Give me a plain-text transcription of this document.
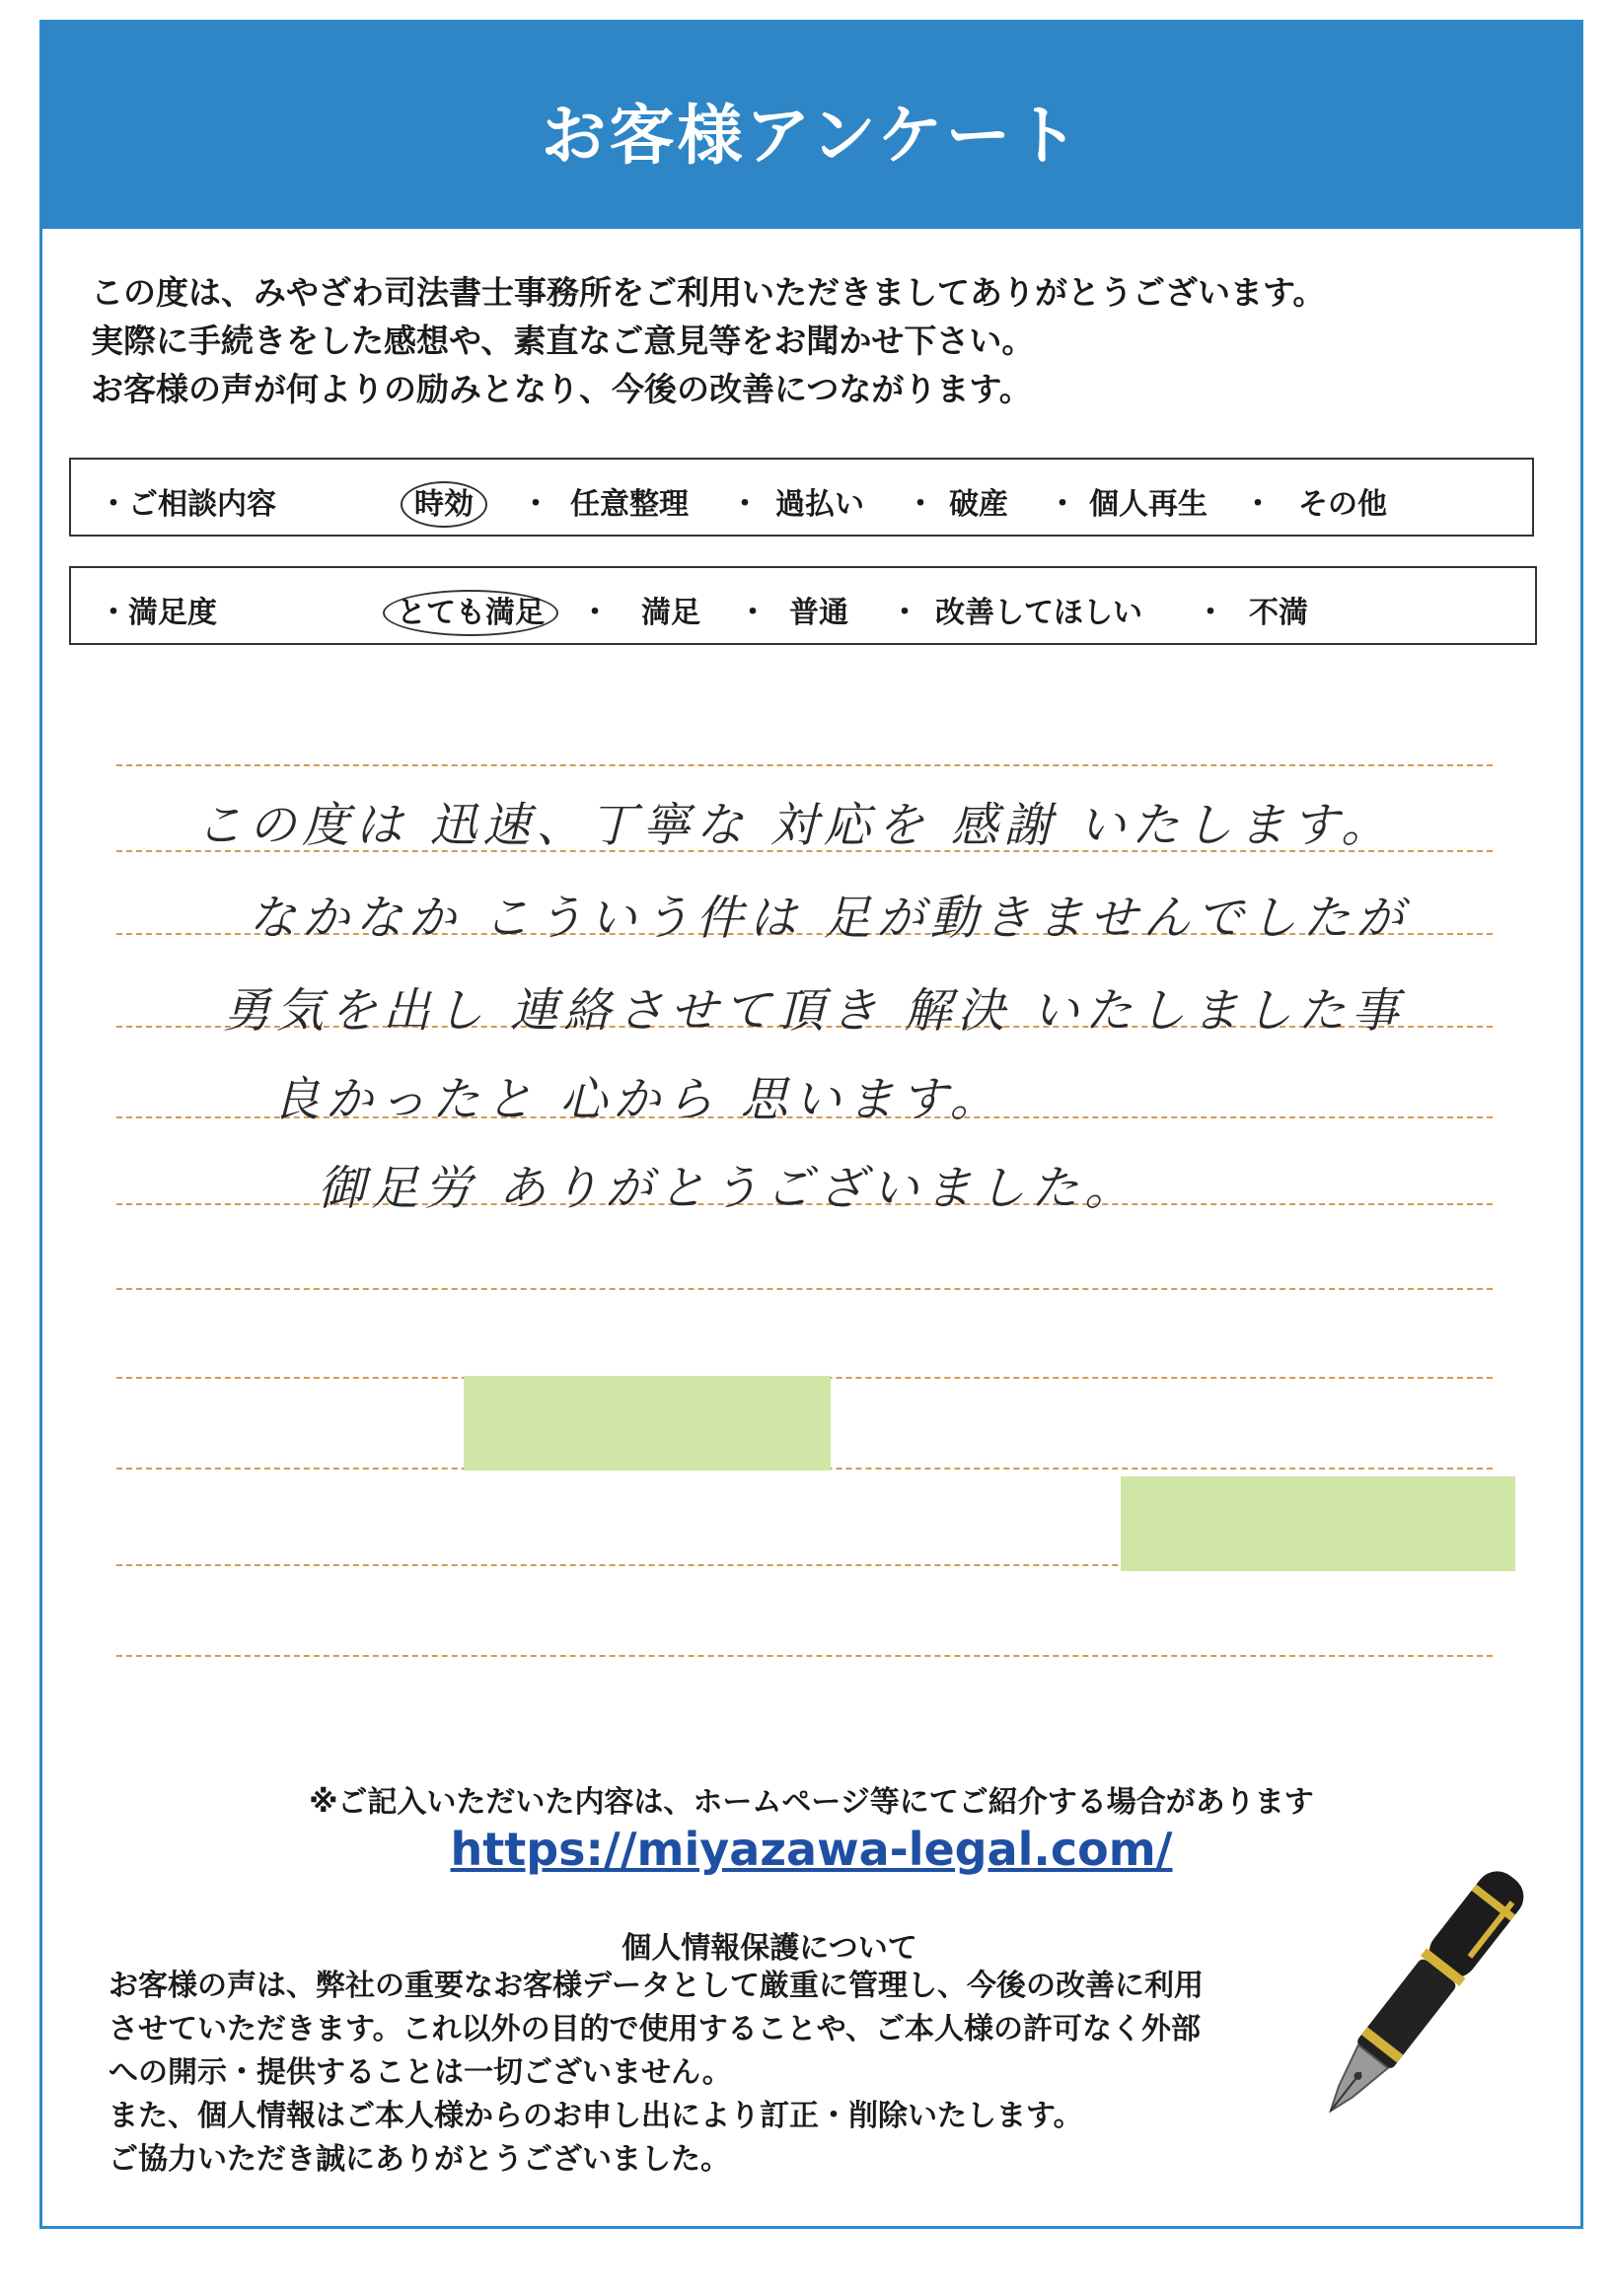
お客様アンケート
この度は、みやざわ司法書士事務所をご利用いただきましてありがとうございます。
実際に手続きをした感想や、素直なご意見等をお聞かせ下さい。
お客様の声が何よりの励みとなり、今後の改善につながります。
・ご相談内容	時効	・ 任意整理 ・ 過払い ・ 破産 ・ 個人再生 ・ その他
・満足度	とても満足	・ 満足 ・ 普通 ・ 改善してほしい ・ 不満
この度は 迅速、丁寧な 対応を 感謝 いたします。
なかなか こういう件は 足が動きませんでしたが
勇気を出し 連絡させて頂き 解決 いたしました事
良かったと 心から 思います。
御足労 ありがとうございました。
※ご記入いただいた内容は、ホームページ等にてご紹介する場合があります
https://miyazawa-legal.com/
個人情報保護について
お客様の声は、弊社の重要なお客様データとして厳重に管理し、今後の改善に利用
させていただきます。これ以外の目的で使用することや、ご本人様の許可なく外部
への開示・提供することは一切ございません。
また、個人情報はご本人様からのお申し出により訂正・削除いたします。
ご協力いただき誠にありがとうございました。
